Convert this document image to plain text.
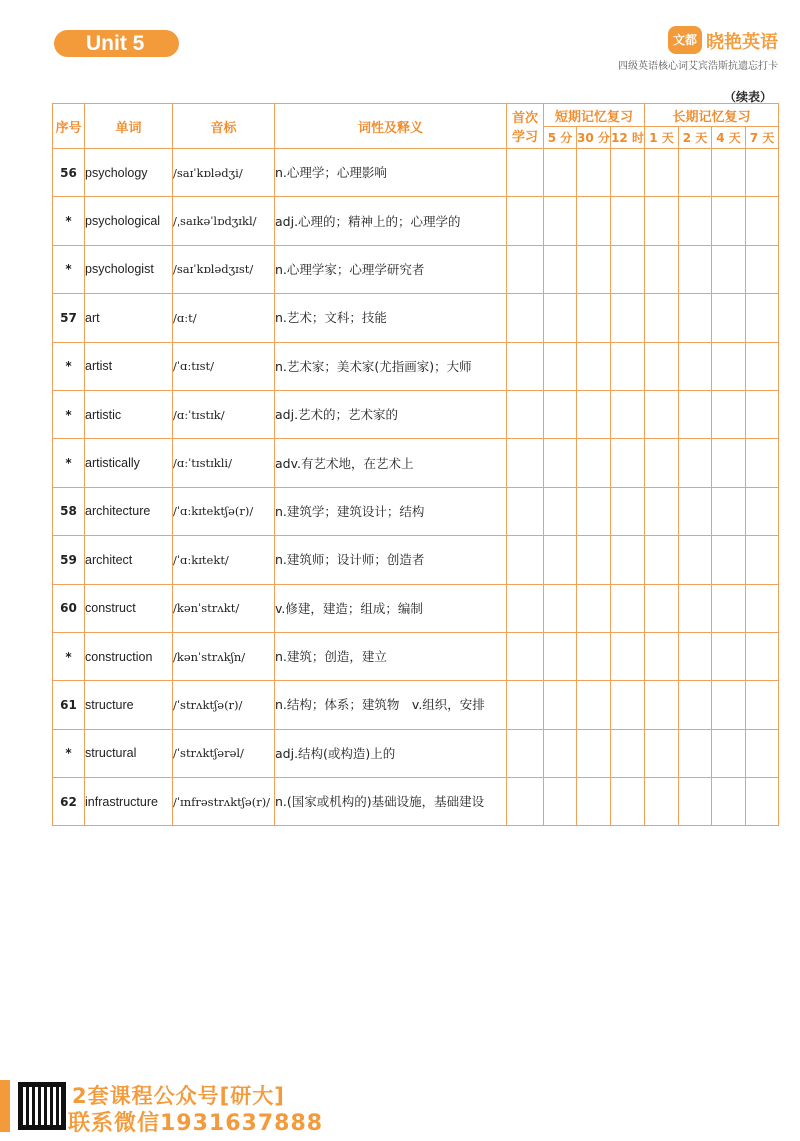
Unit 5	文都 晓艳英语
四级英语核心词艾宾浩斯抗遗忘打卡
（续表）
序号	单词	音标	词性及释义	首次学习	短期记忆复习			长期记忆复习			
					5 分	30 分	12 时	1 天	2 天	4 天	7 天
56	psychology	/saɪˈkɒlədʒi/	n.心理学；心理影响								
*	psychological	/ˌsaɪkəˈlɒdʒɪkl/	adj.心理的；精神上的；心理学的								
*	psychologist	/saɪˈkɒlədʒɪst/	n.心理学家；心理学研究者								
57	art	/ɑːt/	n.艺术；文科；技能								
*	artist	/ˈɑːtɪst/	n.艺术家；美术家(尤指画家)；大师								
*	artistic	/ɑːˈtɪstɪk/	adj.艺术的；艺术家的								
*	artistically	/ɑːˈtɪstɪkli/	adv.有艺术地，在艺术上								
58	architecture	/ˈɑːkɪtektʃə(r)/	n.建筑学；建筑设计；结构								
59	architect	/ˈɑːkɪtekt/	n.建筑师；设计师；创造者								
60	construct	/kənˈstrʌkt/	v.修建，建造；组成；编制								
*	construction	/kənˈstrʌkʃn/	n.建筑；创造，建立								
61	structure	/ˈstrʌktʃə(r)/	n.结构；体系；建筑物　v.组织，安排								
*	structural	/ˈstrʌktʃərəl/	adj.结构(或构造)上的								
62	infrastructure	/ˈɪnfrəstrʌktʃə(r)/	n.(国家或机构的)基础设施，基础建设								
2套课程公众号[研大]
联系微信1931637888
